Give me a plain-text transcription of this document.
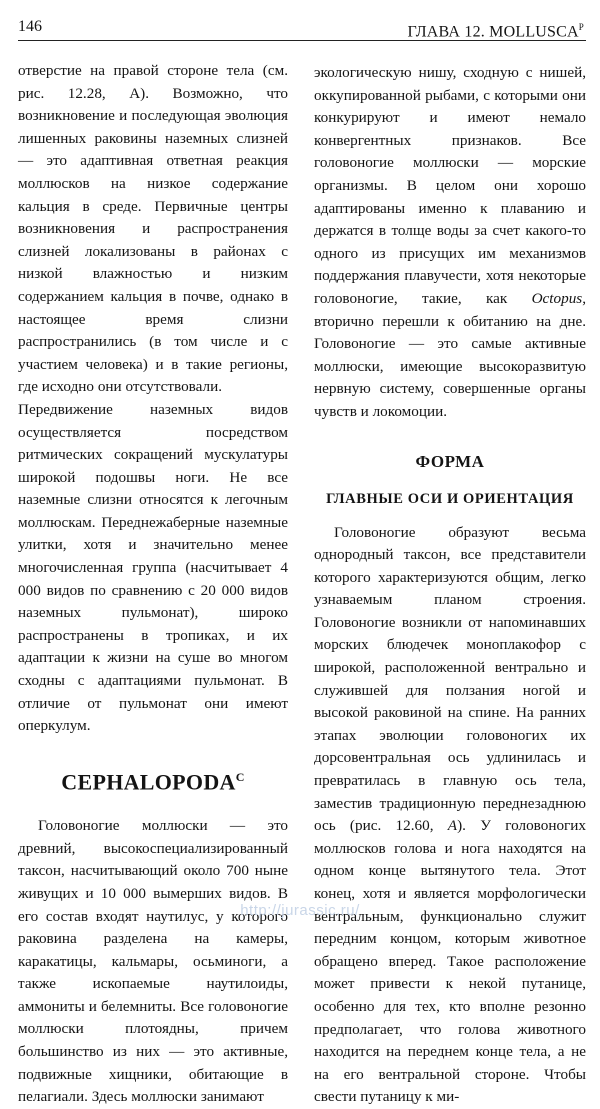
146	ГЛАВА 12. $MOLLUSCA^P$

отверстие на правой стороне тела (см. рис. 12.28, А). Возможно, что возникновение и последующая эволюция лишенных раковины наземных слизней — это адаптивная ответная реакция моллюсков на низкое содержание кальция в среде. Первичные центры возникновения и распространения слизней локализованы в районах с низкой влажностью и низким содержанием кальция в почве, однако в настоящее время слизни распространились (в том числе и с участием человека) и в такие регионы, где исходно они отсутствовали.

Передвижение наземных видов осуществляется посредством ритмических сокращений мускулатуры широкой подошвы ноги. Не все наземные слизни относятся к легочным моллюскам. Переднежаберные наземные улитки, хотя и значительно менее многочисленная группа (насчитывает 4 000 видов по сравнению с 20 000 видов наземных пульмонат), широко распространены в тропиках, и их адаптации к жизни на суше во многом сходны с адаптациями пульмонат. В отличие от пульмонат они имеют оперкулум.

$CEPHALOPODA^C$

Головоногие моллюски — это древний, высокоспециализированный таксон, насчитывающий около 700 ныне живущих и 10 000 вымерших видов. В его состав входят наутилус, у которого раковина разделена на камеры, каракатицы, кальмары, осьминоги, а также ископаемые наутилоиды, аммониты и белемниты. Все головоногие моллюски плотоядны, причем большинство из них — это активные, подвижные хищники, обитающие в пелагиали. Здесь моллюски занимают

экологическую нишу, сходную с нишей, оккупированной рыбами, с которыми они конкурируют и имеют немало конвергентных признаков. Все головоногие моллюски — морские организмы. В целом они хорошо адаптированы именно к плаванию и держатся в толще воды за счет какого-то одного из присущих им механизмов поддержания плавучести, хотя некоторые головоногие, такие, как Octopus, вторично перешли к обитанию на дне. Головоногие — это самые активные моллюски, имеющие высокоразвитую нервную систему, совершенные органы чувств и локомоции.

ФОРМА
ГЛАВНЫЕ ОСИ И ОРИЕНТАЦИЯ

Головоногие образуют весьма однородный таксон, все представители которого характеризуются общим, легко узнаваемым планом строения. Головоногие возникли от напоминавших морских блюдечек моноплакофор с широкой, расположенной вентрально и служившей для ползания ногой и высокой раковиной на спине. На ранних этапах эволюции головоногих их дорсовентральная ось удлинилась и превратилась в главную ось тела, заместив традиционную переднезаднюю ось (рис. 12.60, А). У головоногих моллюсков голова и нога находятся на одном конце вытянутого тела. Этот конец, хотя и является морфологически вентральным, функционально служит передним концом, которым животное обращено вперед. Такое расположение может привести к некой путанице, особенно для тех, кто вполне резонно предполагает, что голова животного находится на переднем конце тела, а не на его вентральной стороне. Чтобы свести путаницу к ми-

http://jurassic.ru/
